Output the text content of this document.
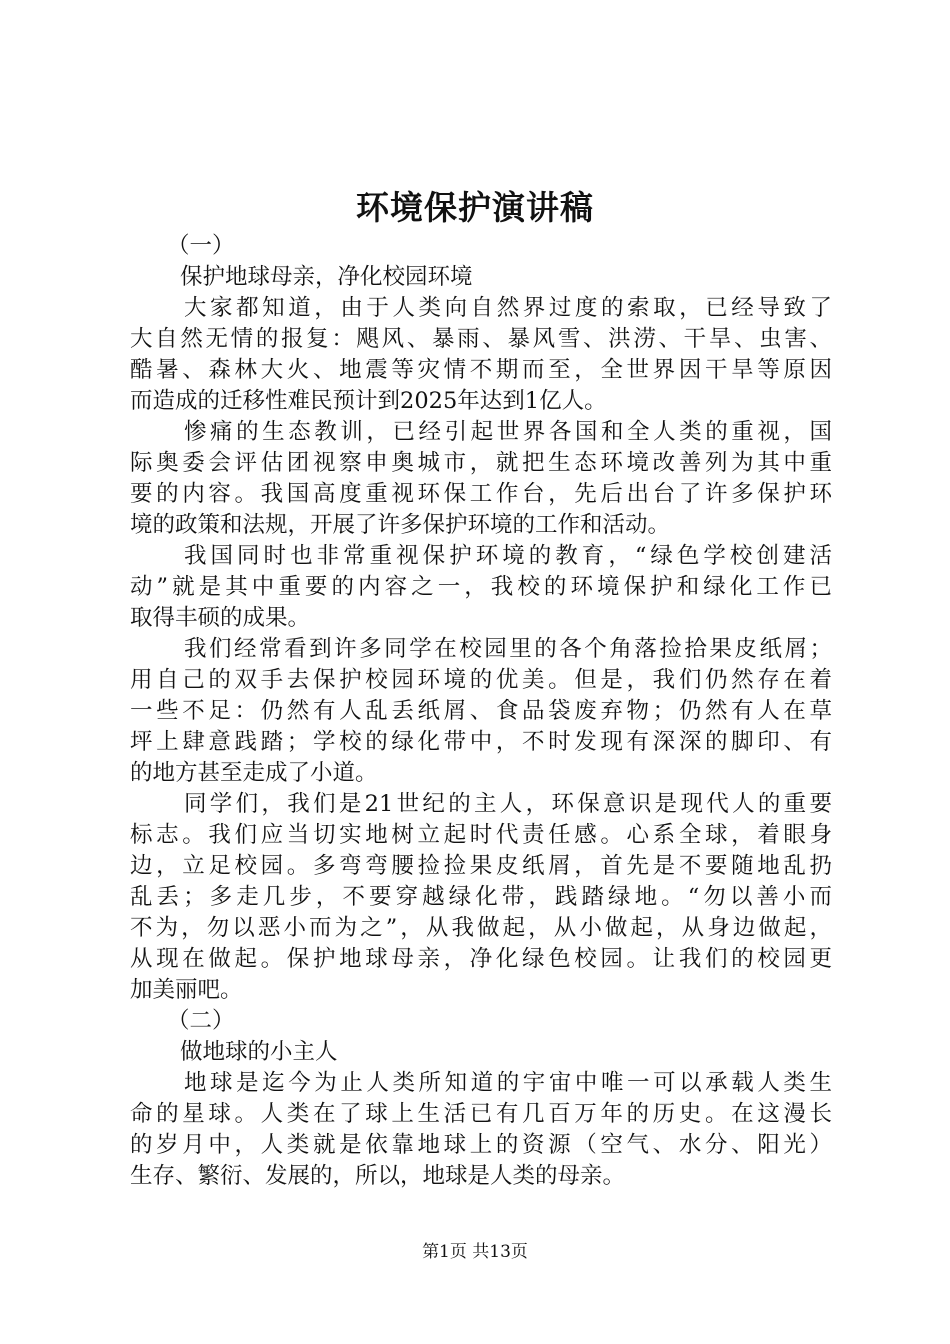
环境保护演讲稿
（一）
保护地球母亲，净化校园环境
大家都知道，由于人类向自然界过度的索取，已经导致了
大自然无情的报复：飓风、暴雨、暴风雪、洪涝、干旱、虫害、
酷暑、森林大火、地震等灾情不期而至，全世界因干旱等原因
而造成的迁移性难民预计到2025年达到1亿人。
惨痛的生态教训，已经引起世界各国和全人类的重视，国
际奥委会评估团视察申奥城市，就把生态环境改善列为其中重
要的内容。我国高度重视环保工作台，先后出台了许多保护环
境的政策和法规，开展了许多保护环境的工作和活动。
我国同时也非常重视保护环境的教育，“绿色学校创建活
动”就是其中重要的内容之一，我校的环境保护和绿化工作已
取得丰硕的成果。
我们经常看到许多同学在校园里的各个角落捡拾果皮纸屑；
用自己的双手去保护校园环境的优美。但是，我们仍然存在着
一些不足：仍然有人乱丢纸屑、食品袋废弃物；仍然有人在草
坪上肆意践踏；学校的绿化带中，不时发现有深深的脚印、有
的地方甚至走成了小道。
同学们，我们是21世纪的主人，环保意识是现代人的重要
标志。我们应当切实地树立起时代责任感。心系全球，着眼身
边，立足校园。多弯弯腰捡捡果皮纸屑，首先是不要随地乱扔
乱丢；多走几步，不要穿越绿化带，践踏绿地。“勿以善小而
不为，勿以恶小而为之”，从我做起，从小做起，从身边做起，
从现在做起。保护地球母亲，净化绿色校园。让我们的校园更
加美丽吧。
（二）
做地球的小主人
地球是迄今为止人类所知道的宇宙中唯一可以承载人类生
命的星球。人类在了球上生活已有几百万年的历史。在这漫长
的岁月中，人类就是依靠地球上的资源（空气、水分、阳光）
生存、繁衍、发展的，所以，地球是人类的母亲。
第1页 共13页
